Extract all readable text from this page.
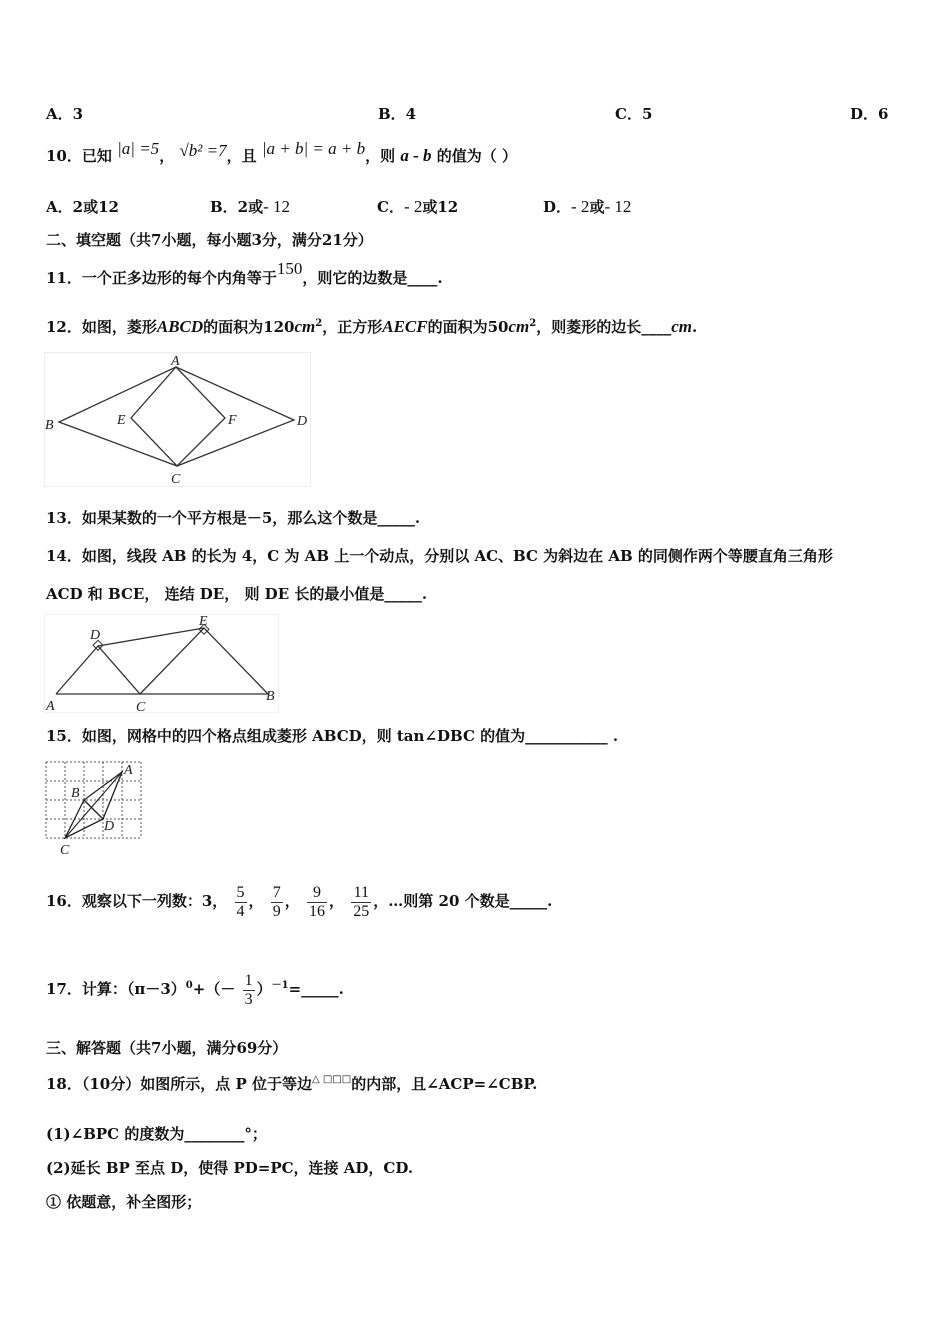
A．3	B．4	C．5	D．6
10．已知 |a| =5， √b² =7，且 |a + b| = a + b，则 a - b 的值为（ ）
A．2或12	B．2或- 12	C．- 2或12	D．- 2或- 12
二、填空题（共7小题，每小题3分，满分21分）
11．一个正多边形的每个内角等于150，则它的边数是____.
12．如图，菱形ABCD的面积为$120cm^2$，正方形AECF的面积为$50cm^2$，则菱形的边长____cm.
A
B
C
D
E	F
13．如果某数的一个平方根是－5，那么这个数是_____.
14．如图，线段 AB 的长为 4，C 为 AB 上一个动点，分别以 AC、BC 为斜边在 AB 的同侧作两个等腰直角三角形
ACD 和 BCE， 连结 DE， 则 DE 长的最小值是_____.
A
B
C
D
E
15．如图，网格中的四个格点组成菱形 ABCD，则 tan∠DBC 的值为___________ .
A
B
C
D
16．观察以下一列数：3， $\frac{5}{4}$ ， $\frac{7}{9}$ ， $\frac{9}{16}$ ， $\frac{11}{25}$ ，…则第 20 个数是_____.
17．计算：$(\pi-3)^0+(- \frac{1}{3}$ ）$^{-1}=\_\_\_\_\_$.
三、解答题（共7小题，满分69分）
18．（10分）如图所示，点 P 位于等边△ □□□的内部，且∠ACP=∠CBP.
(1)∠BPC 的度数为________°；
(2)延长 BP 至点 D，使得 PD=PC，连接 AD，CD.
① 依题意，补全图形；
